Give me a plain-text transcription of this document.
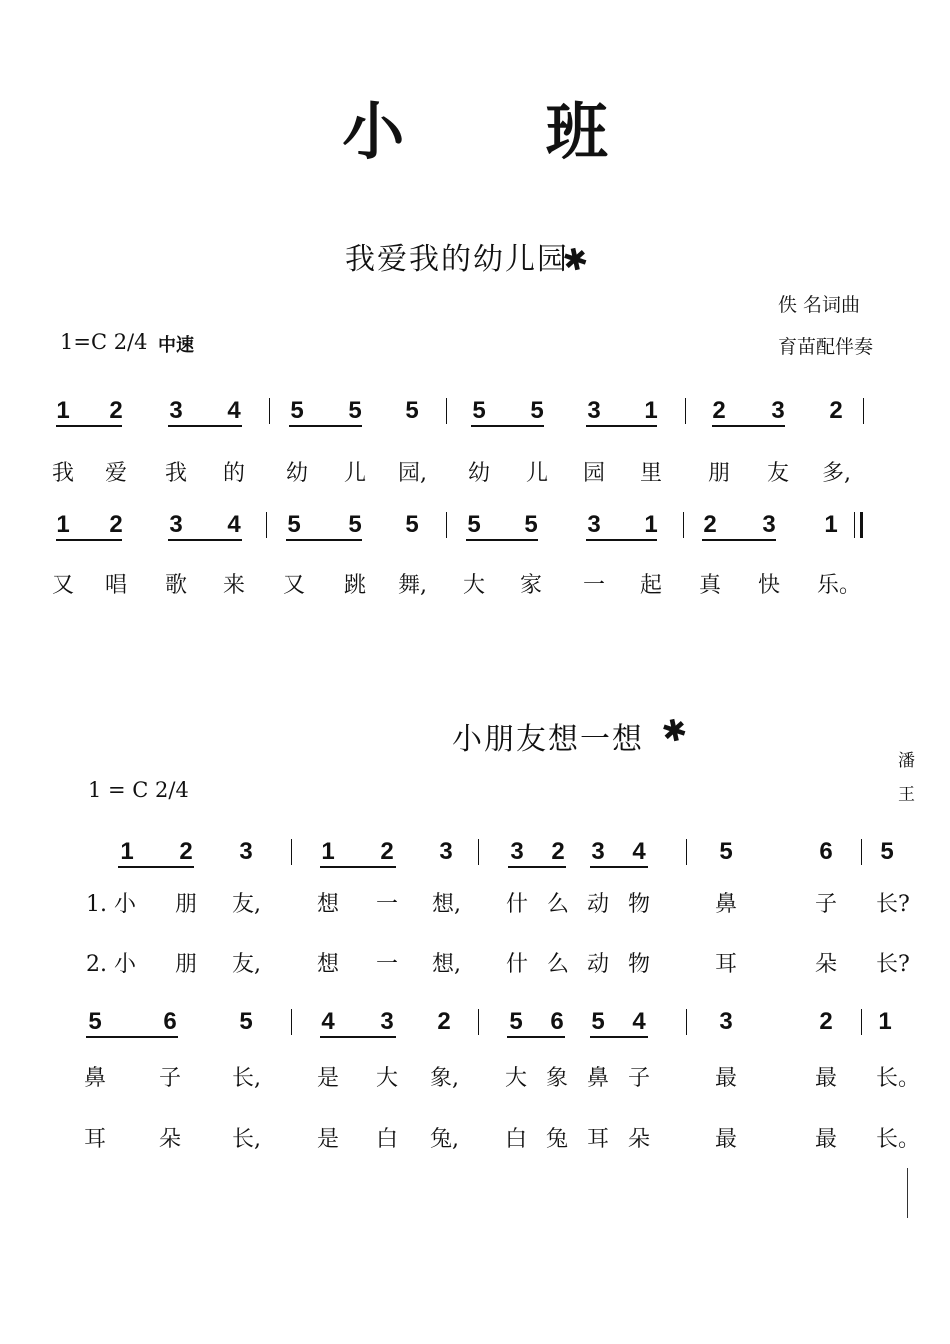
小 班
我爱我的幼儿园
✱
佚 名词曲
育苗配伴奏
1=C 2/4 中速
1	2	3	4	5	5	5	5	5	3	1	2	3	2
我	爱	我	的	幼	儿	园,	幼	儿	园	里	朋	友	多,
1	2	3	4	5	5	5	5	5	3	1	2	3	1
又	唱	歌	来	又	跳	舞,	大	家	一	起	真	快	乐。
小朋友想一想 ✱
潘
王
1 = C 2/4
1	2	3	1	2	3	3	2	3	4	5	6	5
1. 小	朋	友,	想	一	想,	什 么 动 物	鼻	子	长?
2. 小	朋	友,	想	一	想,	什 么 动 物	耳	朵	长?
5	6	5	4	3	2	5	6	5	4	3	2	1
鼻	子	长,	是	大	象,	大 象 鼻 子	最	最	长。
耳	朵	长,	是	白	兔,	白 兔 耳 朵	最	最	长。
